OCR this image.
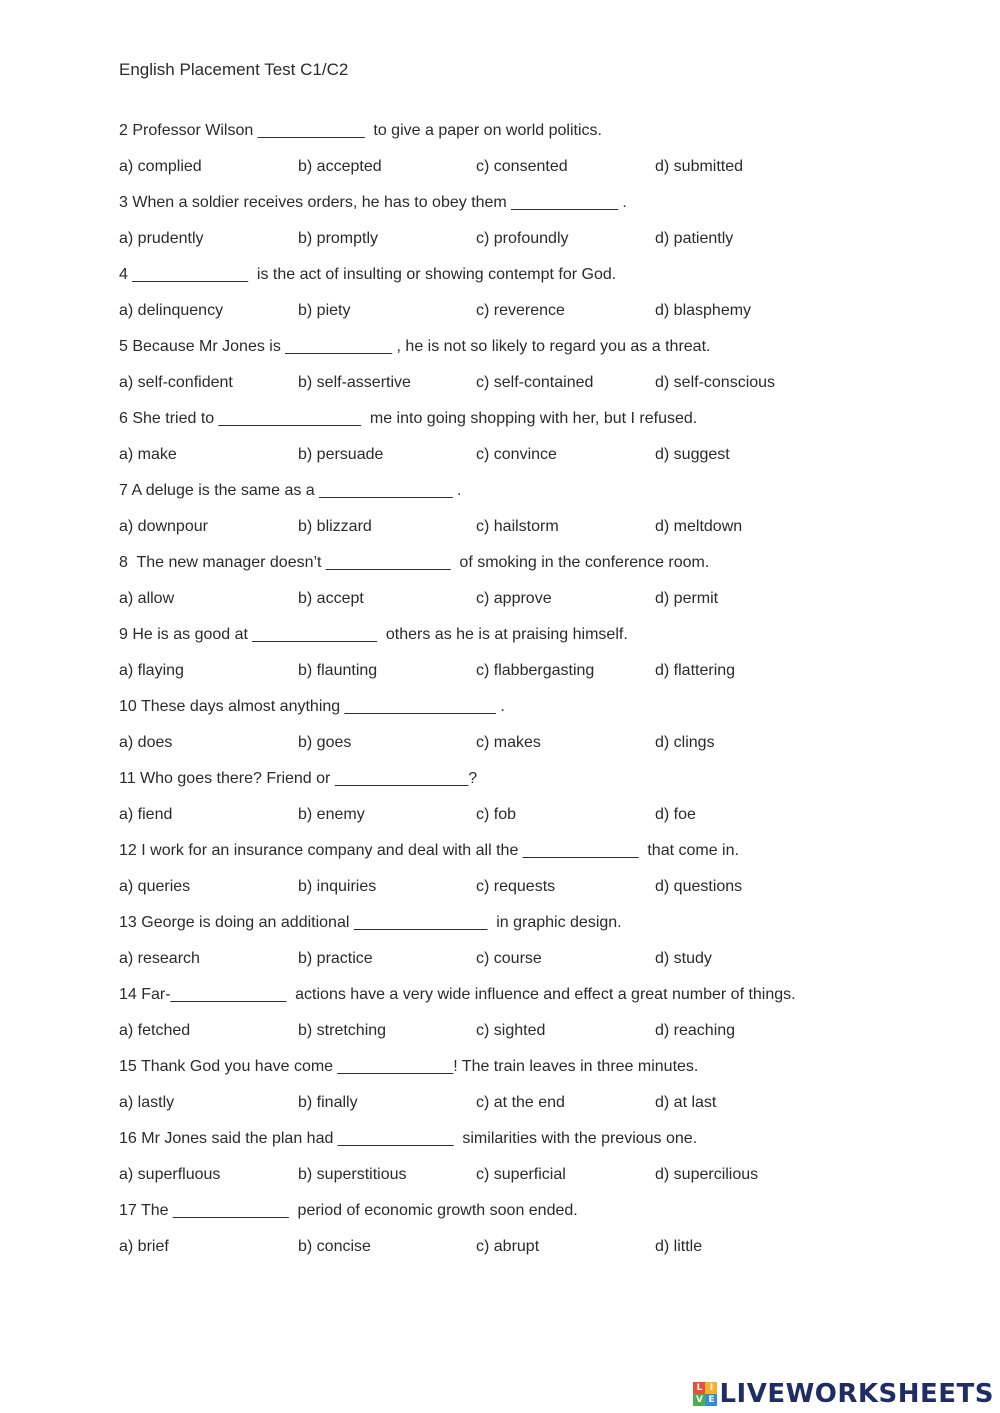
English Placement Test C1/C2
2 Professor Wilson ____________  to give a paper on world politics.
a) complied	b) accepted	c) consented	d) submitted
3 When a soldier receives orders, he has to obey them ____________ .
a) prudently	b) promptly	c) profoundly	d) patiently
4 _____________  is the act of insulting or showing contempt for God.
a) delinquency	b) piety	c) reverence	d) blasphemy
5 Because Mr Jones is ____________ , he is not so likely to regard you as a threat.
a) self-confident	b) self-assertive	c) self-contained	d) self-conscious
6 She tried to ________________  me into going shopping with her, but I refused.
a) make	b) persuade	c) convince	d) suggest
7 A deluge is the same as a _______________ .
a) downpour	b) blizzard	c) hailstorm	d) meltdown
8  The new manager doesn’t ______________  of smoking in the conference room.
a) allow	b) accept	c) approve	d) permit
9 He is as good at ______________  others as he is at praising himself.
a) flaying	b) flaunting	c) flabbergasting	d) flattering
10 These days almost anything _________________ .
a) does	b) goes	c) makes	d) clings
11 Who goes there? Friend or _______________?
a) fiend	b) enemy	c) fob	d) foe
12 I work for an insurance company and deal with all the _____________  that come in.
a) queries	b) inquiries	c) requests	d) questions
13 George is doing an additional _______________  in graphic design.
a) research	b) practice	c) course	d) study
14 Far-_____________  actions have a very wide influence and effect a great number of things.
a) fetched	b) stretching	c) sighted	d) reaching
15 Thank God you have come _____________! The train leaves in three minutes.
a) lastly	b) finally	c) at the end	d) at last
16 Mr Jones said the plan had _____________  similarities with the previous one.
a) superfluous	b) superstitious	c) superficial	d) supercilious
17 The _____________  period of economic growth soon ended.
a) brief	b) concise	c) abrupt	d) little
L I
V E LIVEWORKSHEETS
